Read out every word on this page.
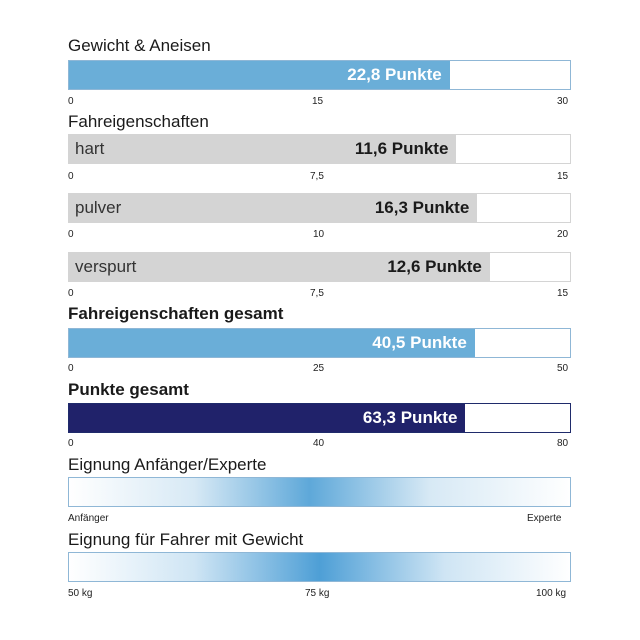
Gewicht & Aneisen
22,8 Punkte
0	15	30
Fahreigenschaften
hart	11,6 Punkte
0	7,5	15
pulver	16,3 Punkte
0	10	20
verspurt	12,6 Punkte
0	7,5	15
Fahreigenschaften gesamt
40,5 Punkte
0	25	50
Punkte gesamt
63,3 Punkte
0	40	80
Eignung Anfänger/Experte
Anfänger	Experte
Eignung für Fahrer mit Gewicht
50 kg	75 kg	100 kg
